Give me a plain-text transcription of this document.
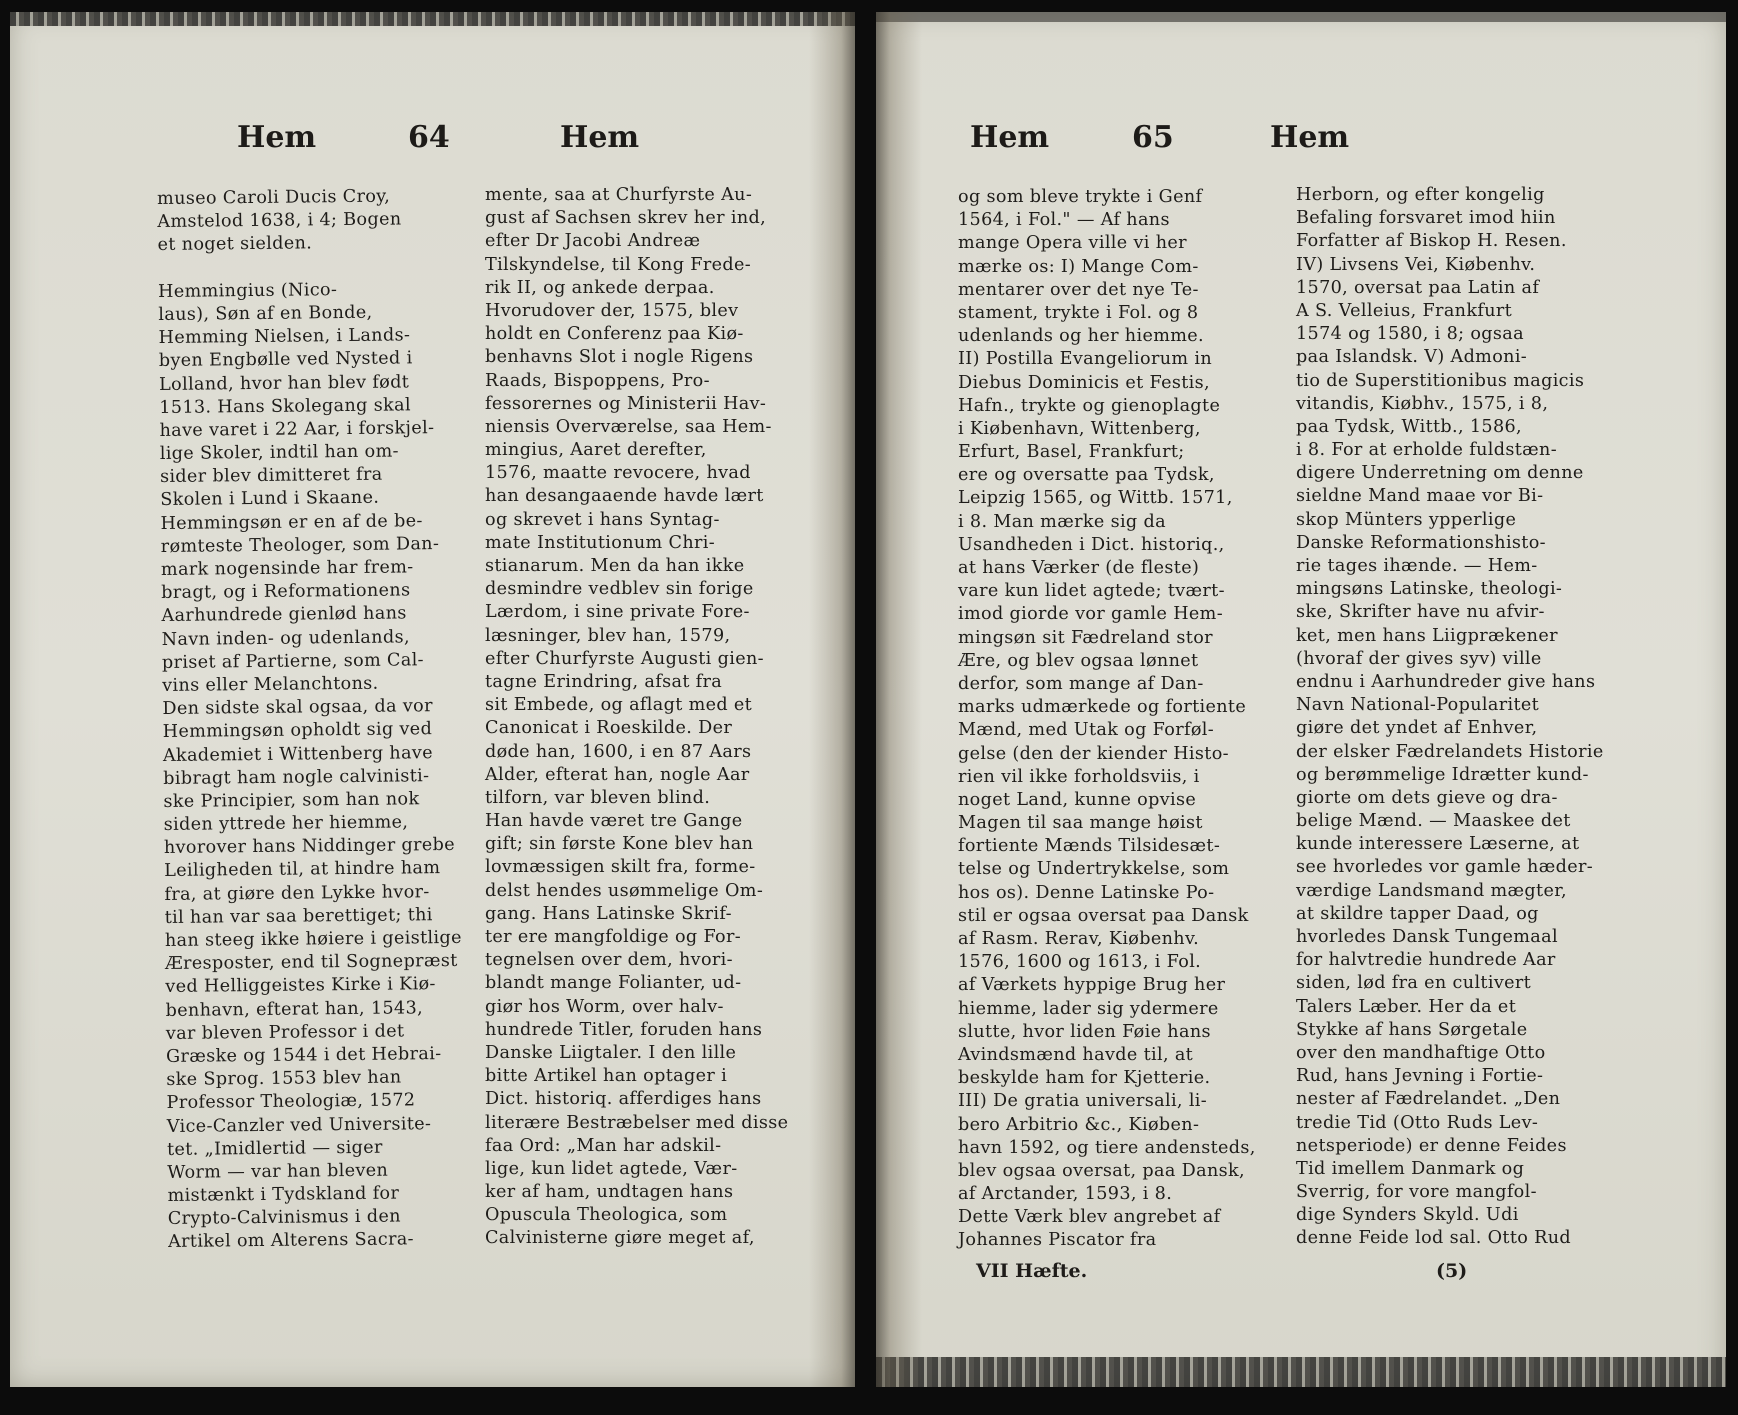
Hem	64	Hem
museo Caroli Ducis Croy,
Amstelod 1638, i 4; Bogen
et noget sielden.
Hemmingius (Nico-
laus), Søn af en Bonde,
Hemming Nielsen, i Lands-
byen Engbølle ved Nysted i
Lolland, hvor han blev født
1513. Hans Skolegang skal
have varet i 22 Aar, i forskjel-
lige Skoler, indtil han om-
sider blev dimitteret fra
Skolen i Lund i Skaane.
Hemmingsøn er en af de be-
rømteste Theologer, som Dan-
mark nogensinde har frem-
bragt, og i Reformationens
Aarhundrede gienlød hans
Navn inden- og udenlands,
priset af Partierne, som Cal-
vins eller Melanchtons.
Den sidste skal ogsaa, da vor
Hemmingsøn opholdt sig ved
Akademiet i Wittenberg have
bibragt ham nogle calvinisti-
ske Principier, som han nok
siden yttrede her hiemme,
hvorover hans Niddinger grebe
Leiligheden til, at hindre ham
fra, at giøre den Lykke hvor-
til han var saa berettiget; thi
han steeg ikke høiere i geistlige
Æresposter, end til Sognepræst
ved Helliggeistes Kirke i Kiø-
benhavn, efterat han, 1543,
var bleven Professor i det
Græske og 1544 i det Hebrai-
ske Sprog. 1553 blev han
Professor Theologiæ, 1572
Vice-Canzler ved Universite-
tet. „Imidlertid — siger
Worm — var han bleven
mistænkt i Tydskland for
Crypto-Calvinismus i den
Artikel om Alterens Sacra-
mente, saa at Churfyrste Au-
gust af Sachsen skrev her ind,
efter Dr Jacobi Andreæ
Tilskyndelse, til Kong Frede-
rik II, og ankede derpaa.
Hvorudover der, 1575, blev
holdt en Conferenz paa Kiø-
benhavns Slot i nogle Rigens
Raads, Bispoppens, Pro-
fessorernes og Ministerii Hav-
niensis Overværelse, saa Hem-
mingius, Aaret derefter,
1576, maatte revocere, hvad
han desangaaende havde lært
og skrevet i hans Syntag-
mate Institutionum Chri-
stianarum. Men da han ikke
desmindre vedblev sin forige
Lærdom, i sine private Fore-
læsninger, blev han, 1579,
efter Churfyrste Augusti gien-
tagne Erindring, afsat fra
sit Embede, og aflagt med et
Canonicat i Roeskilde. Der
døde han, 1600, i en 87 Aars
Alder, efterat han, nogle Aar
tilforn, var bleven blind.
Han havde været tre Gange
gift; sin første Kone blev han
lovmæssigen skilt fra, forme-
delst hendes usømmelige Om-
gang. Hans Latinske Skrif-
ter ere mangfoldige og For-
tegnelsen over dem, hvori-
blandt mange Folianter, ud-
giør hos Worm, over halv-
hundrede Titler, foruden hans
Danske Liigtaler. I den lille
bitte Artikel han optager i
Dict. historiq. afferdiges hans
literære Bestræbelser med disse
faa Ord: „Man har adskil-
lige, kun lidet agtede, Vær-
ker af ham, undtagen hans
Opuscula Theologica, som
Calvinisterne giøre meget af,
Hem	65	Hem
og som bleve trykte i Genf
1564, i Fol." — Af hans
mange Opera ville vi her
mærke os: I) Mange Com-
mentarer over det nye Te-
stament, trykte i Fol. og 8
udenlands og her hiemme.
II) Postilla Evangeliorum in
Diebus Dominicis et Festis,
Hafn., trykte og gienoplagte
i Kiøbenhavn, Wittenberg,
Erfurt, Basel, Frankfurt;
ere og oversatte paa Tydsk,
Leipzig 1565, og Wittb. 1571,
i 8. Man mærke sig da
Usandheden i Dict. historiq.,
at hans Værker (de fleste)
vare kun lidet agtede; tvært-
imod giorde vor gamle Hem-
mingsøn sit Fædreland stor
Ære, og blev ogsaa lønnet
derfor, som mange af Dan-
marks udmærkede og fortiente
Mænd, med Utak og Forføl-
gelse (den der kiender Histo-
rien vil ikke forholdsviis, i
noget Land, kunne opvise
Magen til saa mange høist
fortiente Mænds Tilsidesæt-
telse og Undertrykkelse, som
hos os). Denne Latinske Po-
stil er ogsaa oversat paa Dansk
af Rasm. Rerav, Kiøbenhv.
1576, 1600 og 1613, i Fol.
af Værkets hyppige Brug her
hiemme, lader sig ydermere
slutte, hvor liden Føie hans
Avindsmænd havde til, at
beskylde ham for Kjetterie.
III) De gratia universali, li-
bero Arbitrio &c., Kiøben-
havn 1592, og tiere andensteds,
blev ogsaa oversat, paa Dansk,
af Arctander, 1593, i 8.
Dette Værk blev angrebet af
Johannes Piscator fra
Herborn, og efter kongelig
Befaling forsvaret imod hiin
Forfatter af Biskop H. Resen.
IV) Livsens Vei, Kiøbenhv.
1570, oversat paa Latin af
A S. Velleius, Frankfurt
1574 og 1580, i 8; ogsaa
paa Islandsk. V) Admoni-
tio de Superstitionibus magicis
vitandis, Kiøbhv., 1575, i 8,
paa Tydsk, Wittb., 1586,
i 8. For at erholde fuldstæn-
digere Underretning om denne
sieldne Mand maae vor Bi-
skop Münters ypperlige
Danske Reformationshisto-
rie tages ihænde. — Hem-
mingsøns Latinske, theologi-
ske, Skrifter have nu afvir-
ket, men hans Liigprækener
(hvoraf der gives syv) ville
endnu i Aarhundreder give hans
Navn National-Popularitet
giøre det yndet af Enhver,
der elsker Fædrelandets Historie
og berømmelige Idrætter kund-
giorte om dets gieve og dra-
belige Mænd. — Maaskee det
kunde interessere Læserne, at
see hvorledes vor gamle hæder-
værdige Landsmand mægter,
at skildre tapper Daad, og
hvorledes Dansk Tungemaal
for halvtredie hundrede Aar
siden, lød fra en cultivert
Talers Læber. Her da et
Stykke af hans Sørgetale
over den mandhaftige Otto
Rud, hans Jevning i Fortie-
nester af Fædrelandet. „Den
tredie Tid (Otto Ruds Lev-
netsperiode) er denne Feides
Tid imellem Danmark og
Sverrig, for vore mangfol-
dige Synders Skyld. Udi
denne Feide lod sal. Otto Rud
VII Hæfte.	(5)
